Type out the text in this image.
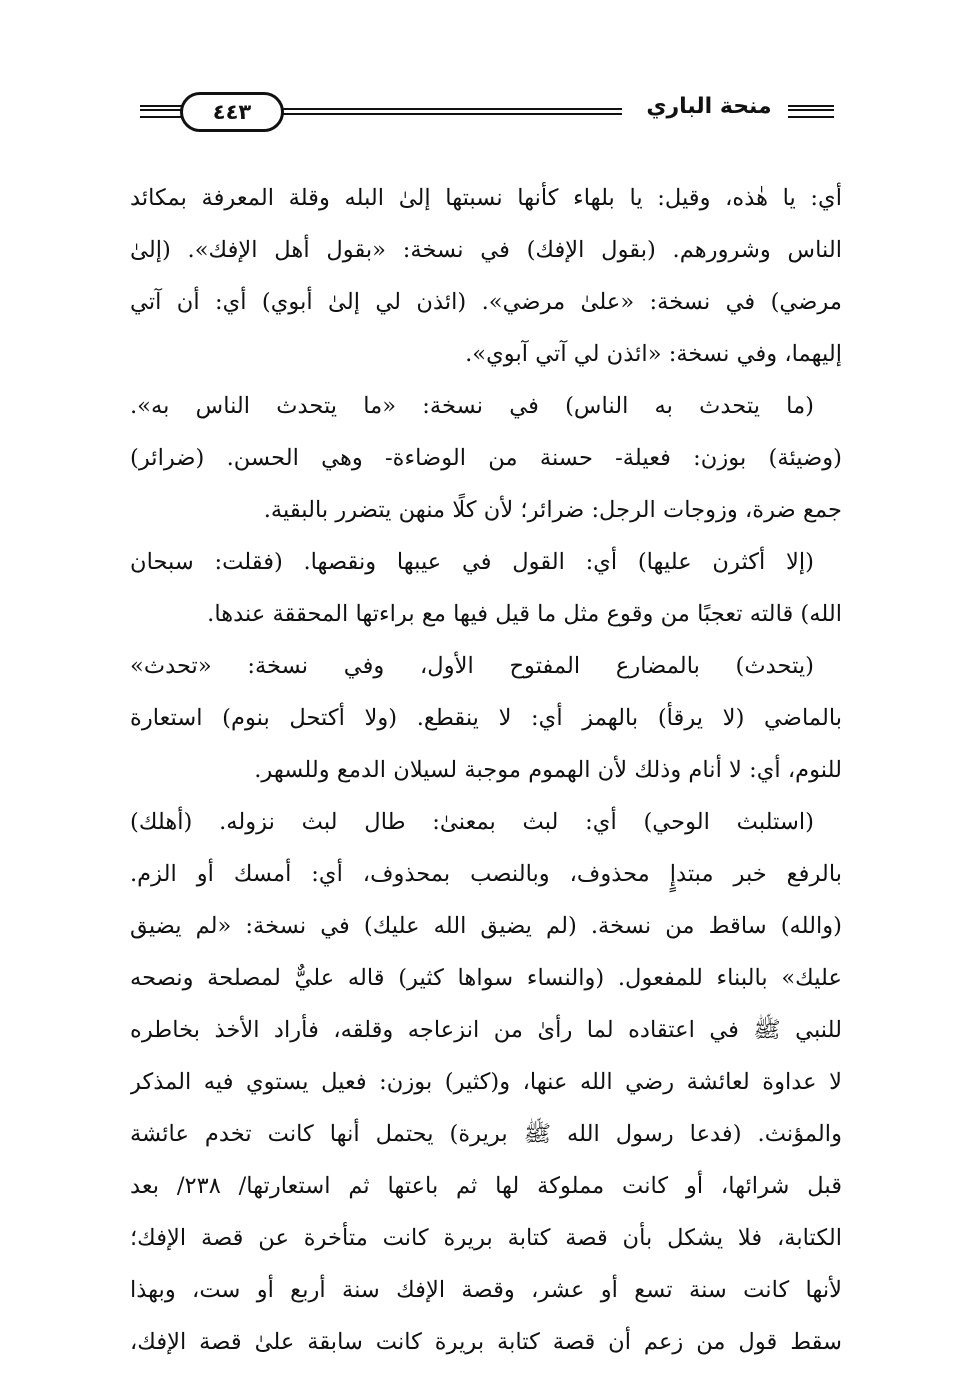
٤٤٣	منحة الباري
أي: يا هٰذه، وقيل: يا بلهاء كأنها نسبتها إلىٰ البله وقلة المعرفة بمكائد
الناس وشرورهم. (بقول الإفك) في نسخة: «بقول أهل الإفك». (إلىٰ
مرضي) في نسخة: «علىٰ مرضي». (ائذن لي إلىٰ أبوي) أي: أن آتي
إليهما، وفي نسخة: «ائذن لي آتي آبوي».
(ما يتحدث به الناس) في نسخة: «ما يتحدث الناس به».
(وضيئة) بوزن: فعيلة- حسنة من الوضاءة- وهي الحسن. (ضرائر)
جمع ضرة، وزوجات الرجل: ضرائر؛ لأن كلًا منهن يتضرر بالبقية.
(إلا أكثرن عليها) أي: القول في عيبها ونقصها. (فقلت: سبحان
الله) قالته تعجبًا من وقوع مثل ما قيل فيها مع براءتها المحققة عندها.
(يتحدث) بالمضارع المفتوح الأول، وفي نسخة: «تحدث»
بالماضي (لا يرقأ) بالهمز أي: لا ينقطع. (ولا أكتحل بنوم) استعارة
للنوم، أي: لا أنام وذلك لأن الهموم موجبة لسيلان الدمع وللسهر.
(استلبث الوحي) أي: لبث بمعنىٰ: طال لبث نزوله. (أهلك)
بالرفع خبر مبتدإٍ محذوف، وبالنصب بمحذوف، أي: أمسك أو الزم.
(والله) ساقط من نسخة. (لم يضيق الله عليك) في نسخة: «لم يضيق
عليك» بالبناء للمفعول. (والنساء سواها كثير) قاله عليٌّ لمصلحة ونصحه
للنبي ﷺ في اعتقاده لما رأىٰ من انزعاجه وقلقه، فأراد الأخذ بخاطره
لا عداوة لعائشة رضي الله عنها، و(كثير) بوزن: فعيل يستوي فيه المذكر
والمؤنث. (فدعا رسول الله ﷺ بريرة) يحتمل أنها كانت تخدم عائشة
قبل شرائها، أو كانت مملوكة لها ثم باعتها ثم استعارتها/ ٢٣٨/ بعد
الكتابة، فلا يشكل بأن قصة كتابة بريرة كانت متأخرة عن قصة الإفك؛
لأنها كانت سنة تسع أو عشر، وقصة الإفك سنة أربع أو ست، وبهذا
سقط قول من زعم أن قصة كتابة بريرة كانت سابقة علىٰ قصة الإفك،
